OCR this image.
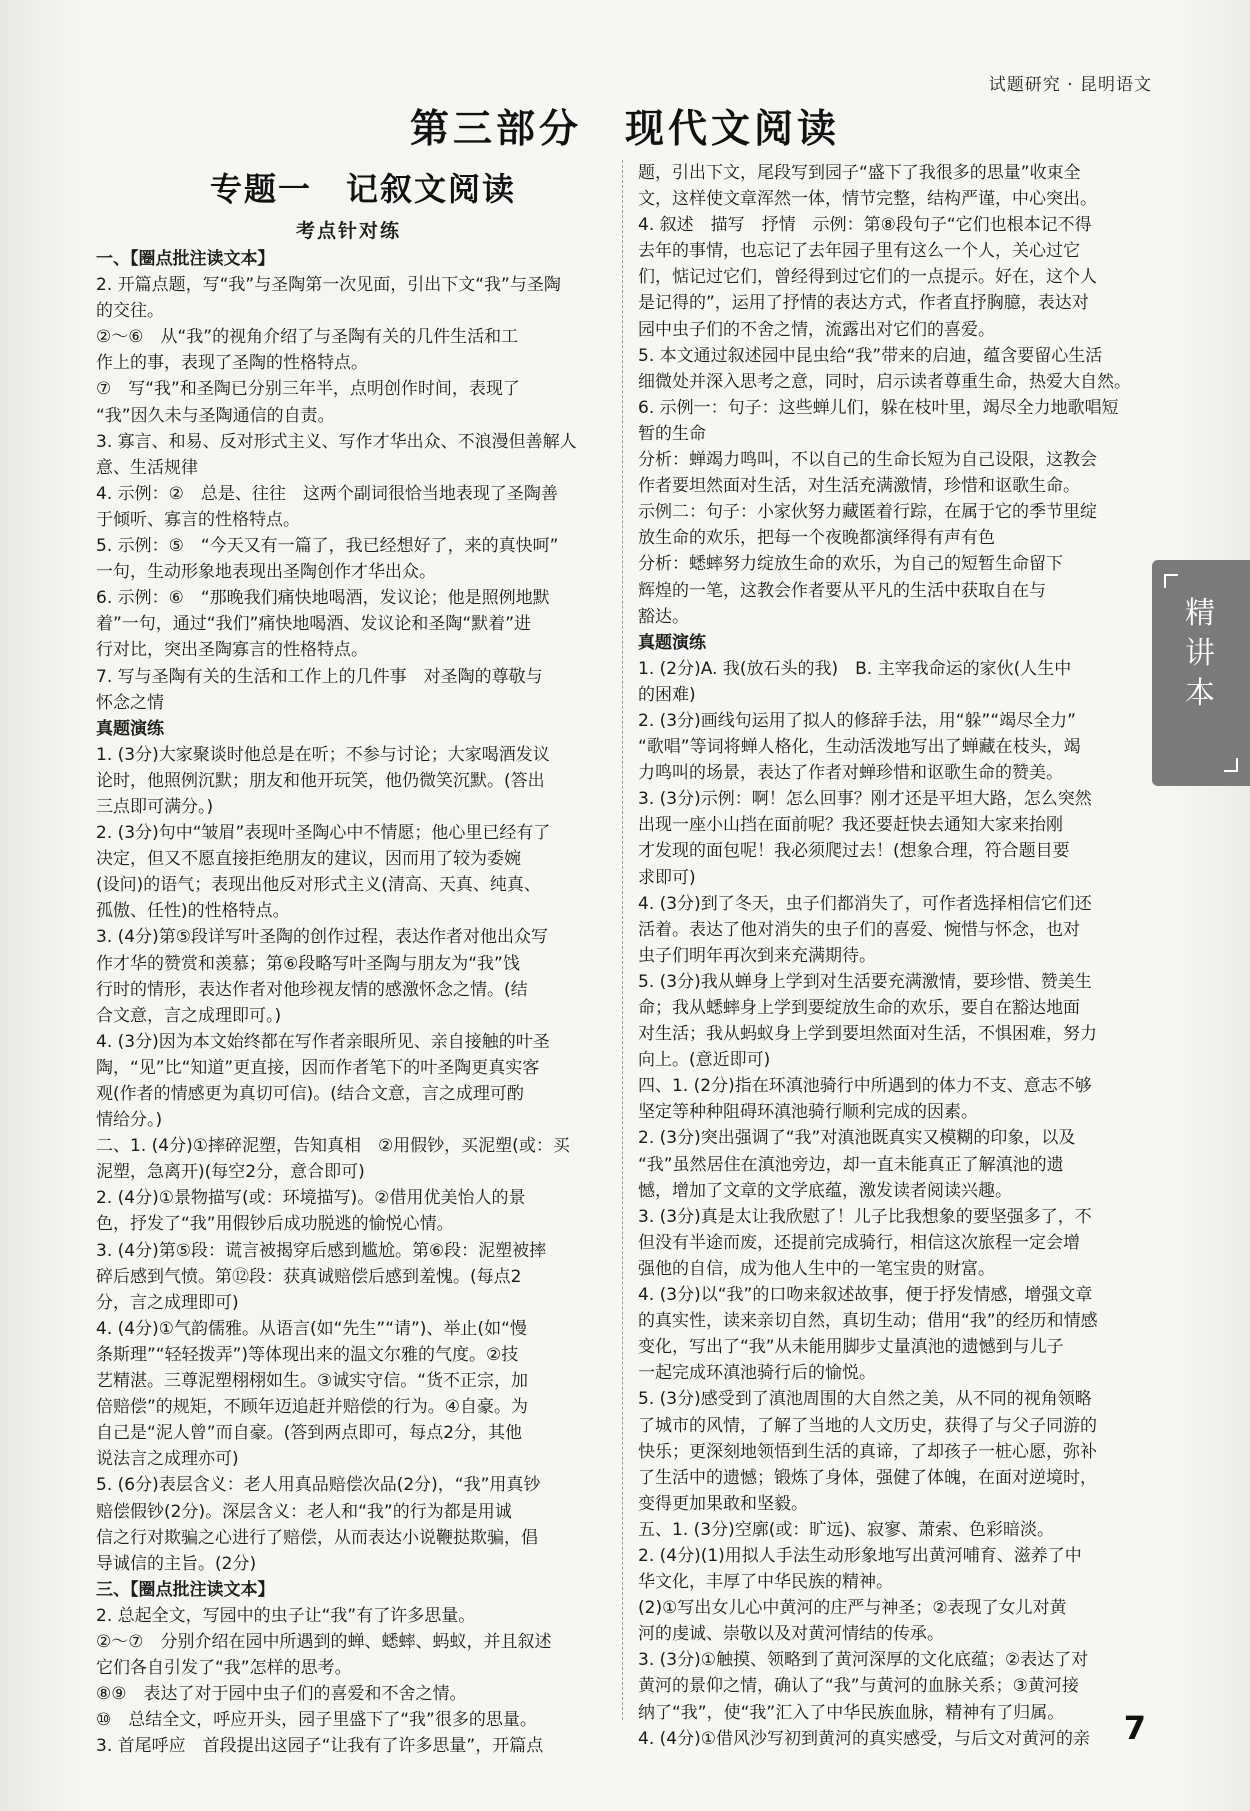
试题研究 · 昆明语文
第三部分　现代文阅读
专题一　记叙文阅读
考点针对练
一、【圈点批注读文本】
2. 开篇点题，写“我”与圣陶第一次见面，引出下文“我”与圣陶
的交往。
②～⑥　从“我”的视角介绍了与圣陶有关的几件生活和工
作上的事，表现了圣陶的性格特点。
⑦　写“我”和圣陶已分别三年半，点明创作时间，表现了
“我”因久未与圣陶通信的自责。
3. 寡言、和易、反对形式主义、写作才华出众、不浪漫但善解人
意、生活规律
4. 示例：②　总是、往往　这两个副词很恰当地表现了圣陶善
于倾听、寡言的性格特点。
5. 示例：⑤　“今天又有一篇了，我已经想好了，来的真快呵”
一句，生动形象地表现出圣陶创作才华出众。
6. 示例：⑥　“那晚我们痛快地喝酒，发议论；他是照例地默
着”一句，通过“我们”痛快地喝酒、发议论和圣陶“默着”进
行对比，突出圣陶寡言的性格特点。
7. 写与圣陶有关的生活和工作上的几件事　对圣陶的尊敬与
怀念之情
真题演练
1. (3分)大家聚谈时他总是在听；不参与讨论；大家喝酒发议
论时，他照例沉默；朋友和他开玩笑，他仍微笑沉默。(答出
三点即可满分。)
2. (3分)句中“皱眉”表现叶圣陶心中不情愿；他心里已经有了
决定，但又不愿直接拒绝朋友的建议，因而用了较为委婉
(设问)的语气；表现出他反对形式主义(清高、天真、纯真、
孤傲、任性)的性格特点。
3. (4分)第⑤段详写叶圣陶的创作过程，表达作者对他出众写
作才华的赞赏和羡慕；第⑥段略写叶圣陶与朋友为“我”饯
行时的情形，表达作者对他珍视友情的感激怀念之情。(结
合文意，言之成理即可。)
4. (3分)因为本文始终都在写作者亲眼所见、亲自接触的叶圣
陶，“见”比“知道”更直接，因而作者笔下的叶圣陶更真实客
观(作者的情感更为真切可信)。(结合文意，言之成理可酌
情给分。)
二、1. (4分)①摔碎泥塑，告知真相　②用假钞，买泥塑(或：买
泥塑，急离开)(每空2分，意合即可)
2. (4分)①景物描写(或：环境描写)。②借用优美怡人的景
色，抒发了“我”用假钞后成功脱逃的愉悦心情。
3. (4分)第⑤段：谎言被揭穿后感到尴尬。第⑥段：泥塑被摔
碎后感到气愤。第⑫段：获真诚赔偿后感到羞愧。(每点2
分，言之成理即可)
4. (4分)①气韵儒雅。从语言(如“先生”“请”)、举止(如“慢
条斯理”“轻轻拨弄”)等体现出来的温文尔雅的气度。②技
艺精湛。三尊泥塑栩栩如生。③诚实守信。“货不正宗，加
倍赔偿”的规矩，不顾年迈追赶并赔偿的行为。④自豪。为
自己是“泥人曾”而自豪。(答到两点即可，每点2分，其他
说法言之成理亦可)
5. (6分)表层含义：老人用真品赔偿次品(2分)，“我”用真钞
赔偿假钞(2分)。深层含义：老人和“我”的行为都是用诚
信之行对欺骗之心进行了赔偿，从而表达小说鞭挞欺骗，倡
导诚信的主旨。(2分)
三、【圈点批注读文本】
2. 总起全文，写园中的虫子让“我”有了许多思量。
②～⑦　分别介绍在园中所遇到的蝉、蟋蟀、蚂蚁，并且叙述
它们各自引发了“我”怎样的思考。
⑧⑨　表达了对于园中虫子们的喜爱和不舍之情。
⑩　总结全文，呼应开头，园子里盛下了“我”很多的思量。
3. 首尾呼应　首段提出这园子“让我有了许多思量”，开篇点
题，引出下文，尾段写到园子“盛下了我很多的思量”收束全
文，这样使文章浑然一体，情节完整，结构严谨，中心突出。
4. 叙述　描写　抒情　示例：第⑧段句子“它们也根本记不得
去年的事情，也忘记了去年园子里有这么一个人，关心过它
们，惦记过它们，曾经得到过它们的一点提示。好在，这个人
是记得的”，运用了抒情的表达方式，作者直抒胸臆，表达对
园中虫子们的不舍之情，流露出对它们的喜爱。
5. 本文通过叙述园中昆虫给“我”带来的启迪，蕴含要留心生活
细微处并深入思考之意，同时，启示读者尊重生命，热爱大自然。
6. 示例一：句子：这些蝉儿们，躲在枝叶里，竭尽全力地歌唱短
暂的生命
分析：蝉竭力鸣叫，不以自己的生命长短为自己设限，这教会
作者要坦然面对生活，对生活充满激情，珍惜和讴歌生命。
示例二：句子：小家伙努力藏匿着行踪，在属于它的季节里绽
放生命的欢乐，把每一个夜晚都演绎得有声有色
分析：蟋蟀努力绽放生命的欢乐，为自己的短暂生命留下
辉煌的一笔，这教会作者要从平凡的生活中获取自在与
豁达。
真题演练
1. (2分)A. 我(放石头的我)　B. 主宰我命运的家伙(人生中
的困难)
2. (3分)画线句运用了拟人的修辞手法，用“躲”“竭尽全力”
“歌唱”等词将蝉人格化，生动活泼地写出了蝉藏在枝头，竭
力鸣叫的场景，表达了作者对蝉珍惜和讴歌生命的赞美。
3. (3分)示例：啊！怎么回事？刚才还是平坦大路，怎么突然
出现一座小山挡在面前呢？我还要赶快去通知大家来抬刚
才发现的面包呢！我必须爬过去！(想象合理，符合题目要
求即可)
4. (3分)到了冬天，虫子们都消失了，可作者选择相信它们还
活着。表达了他对消失的虫子们的喜爱、惋惜与怀念，也对
虫子们明年再次到来充满期待。
5. (3分)我从蝉身上学到对生活要充满激情，要珍惜、赞美生
命；我从蟋蟀身上学到要绽放生命的欢乐，要自在豁达地面
对生活；我从蚂蚁身上学到要坦然面对生活，不惧困难，努力
向上。(意近即可)
四、1. (2分)指在环滇池骑行中所遇到的体力不支、意志不够
坚定等种种阻碍环滇池骑行顺利完成的因素。
2. (3分)突出强调了“我”对滇池既真实又模糊的印象，以及
“我”虽然居住在滇池旁边，却一直未能真正了解滇池的遗
憾，增加了文章的文学底蕴，激发读者阅读兴趣。
3. (3分)真是太让我欣慰了！儿子比我想象的要坚强多了，不
但没有半途而废，还提前完成骑行，相信这次旅程一定会增
强他的自信，成为他人生中的一笔宝贵的财富。
4. (3分)以“我”的口吻来叙述故事，便于抒发情感，增强文章
的真实性，读来亲切自然，真切生动；借用“我”的经历和情感
变化，写出了“我”从未能用脚步丈量滇池的遗憾到与儿子
一起完成环滇池骑行后的愉悦。
5. (3分)感受到了滇池周围的大自然之美，从不同的视角领略
了城市的风情，了解了当地的人文历史，获得了与父子同游的
快乐；更深刻地领悟到生活的真谛，了却孩子一桩心愿，弥补
了生活中的遗憾；锻炼了身体，强健了体魄，在面对逆境时，
变得更加果敢和坚毅。
五、1. (3分)空廓(或：旷远)、寂寥、萧索、色彩暗淡。
2. (4分)(1)用拟人手法生动形象地写出黄河哺育、滋养了中
华文化，丰厚了中华民族的精神。
(2)①写出女儿心中黄河的庄严与神圣；②表现了女儿对黄
河的虔诚、崇敬以及对黄河情结的传承。
3. (3分)①触摸、领略到了黄河深厚的文化底蕴；②表达了对
黄河的景仰之情，确认了“我”与黄河的血脉关系；③黄河接
纳了“我”，使“我”汇入了中华民族血脉，精神有了归属。
4. (4分)①借风沙写初到黄河的真实感受，与后文对黄河的亲
精
讲
本
7
